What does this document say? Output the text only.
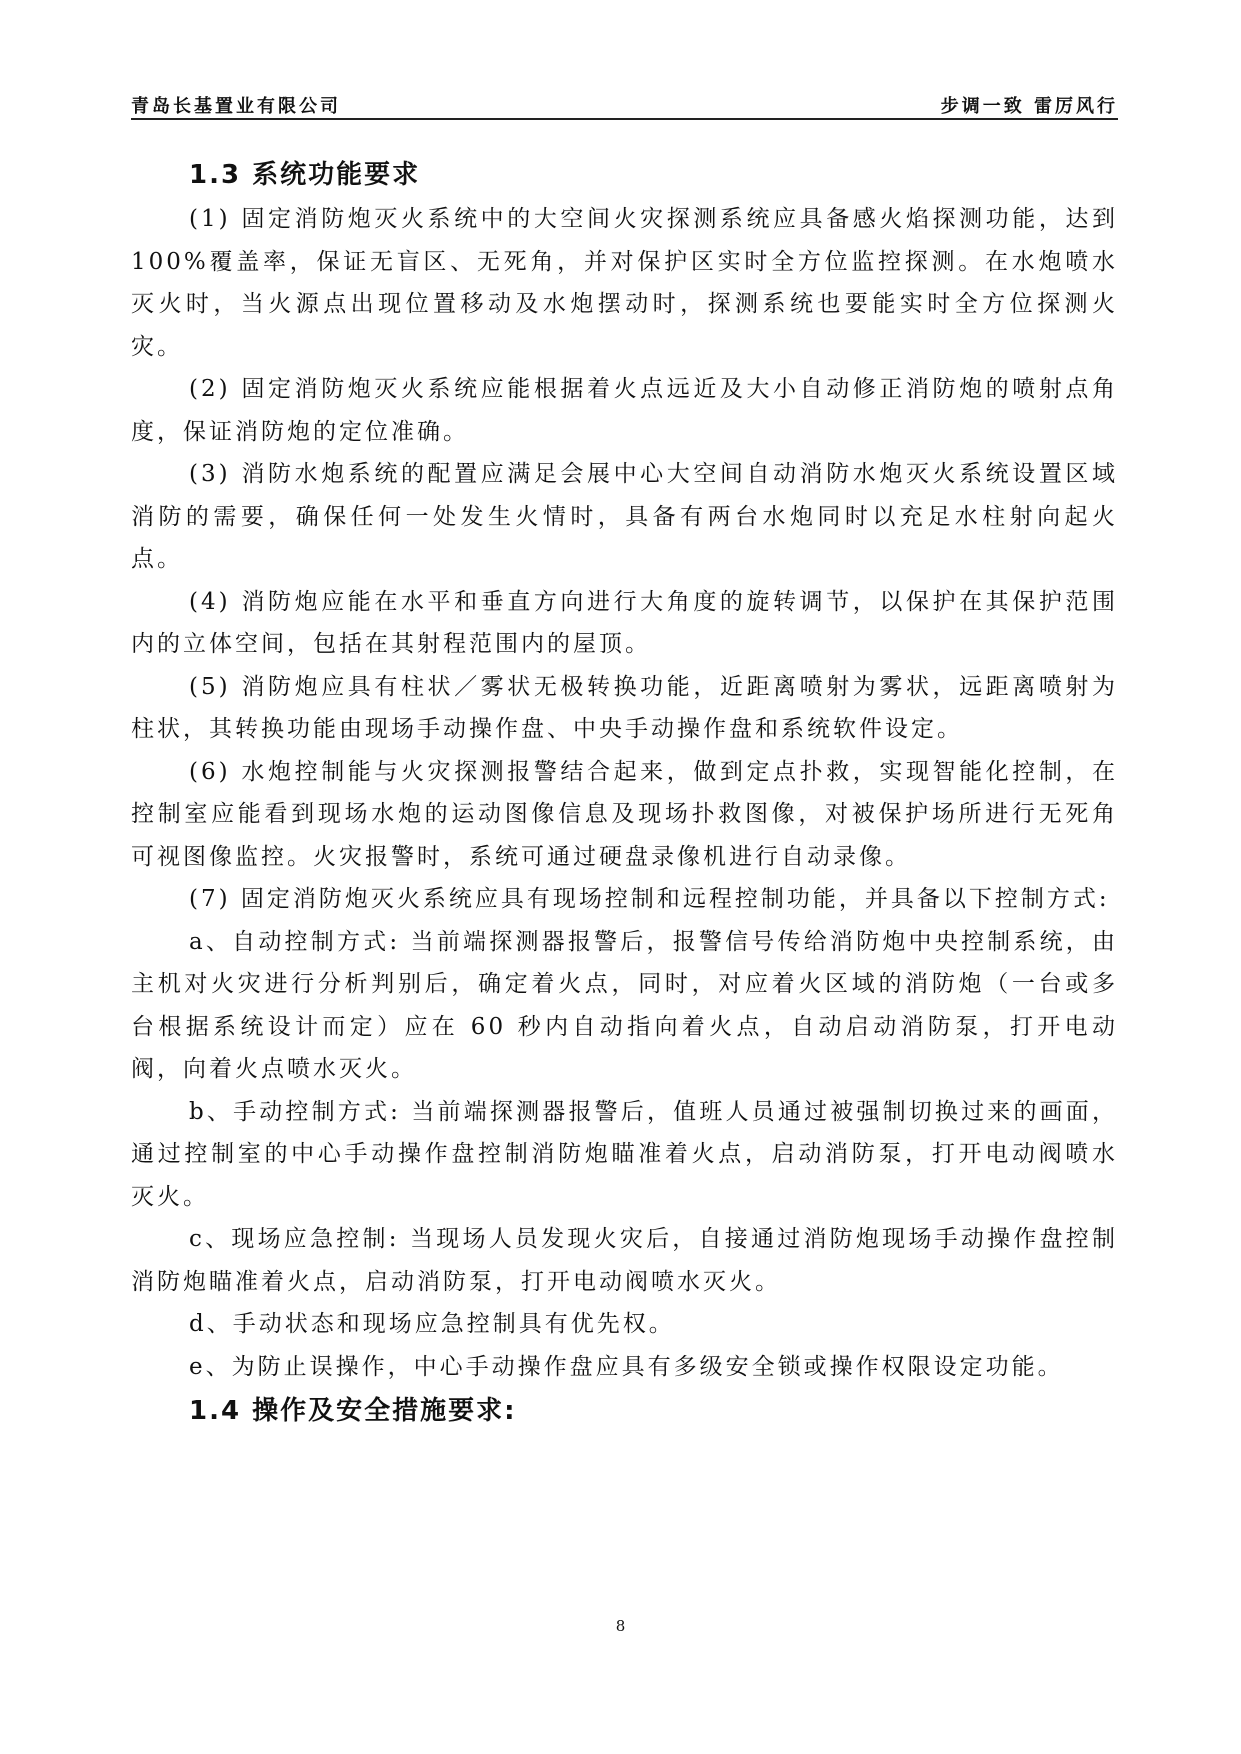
青岛长基置业有限公司	步调一致 雷厉风行
1.3 系统功能要求

(1) 固定消防炮灭火系统中的大空间火灾探测系统应具备感火焰探测功能，达到 100%覆盖率，保证无盲区、无死角，并对保护区实时全方位监控探测。在水炮喷水灭火时，当火源点出现位置移动及水炮摆动时，探测系统也要能实时全方位探测火灾。

(2) 固定消防炮灭火系统应能根据着火点远近及大小自动修正消防炮的喷射点角度，保证消防炮的定位准确。

(3) 消防水炮系统的配置应满足会展中心大空间自动消防水炮灭火系统设置区域消防的需要，确保任何一处发生火情时，具备有两台水炮同时以充足水柱射向起火点。

(4) 消防炮应能在水平和垂直方向进行大角度的旋转调节，以保护在其保护范围内的立体空间，包括在其射程范围内的屋顶。

(5) 消防炮应具有柱状／雾状无极转换功能，近距离喷射为雾状，远距离喷射为柱状，其转换功能由现场手动操作盘、中央手动操作盘和系统软件设定。

(6) 水炮控制能与火灾探测报警结合起来，做到定点扑救，实现智能化控制，在控制室应能看到现场水炮的运动图像信息及现场扑救图像，对被保护场所进行无死角可视图像监控。火灾报警时，系统可通过硬盘录像机进行自动录像。

(7) 固定消防炮灭火系统应具有现场控制和远程控制功能，并具备以下控制方式:

a、自动控制方式: 当前端探测器报警后，报警信号传给消防炮中央控制系统，由主机对火灾进行分析判别后，确定着火点，同时，对应着火区域的消防炮（一台或多台根据系统设计而定）应在 60 秒内自动指向着火点，自动启动消防泵，打开电动阀，向着火点喷水灭火。

b、手动控制方式: 当前端探测器报警后，值班人员通过被强制切换过来的画面，通过控制室的中心手动操作盘控制消防炮瞄准着火点，启动消防泵，打开电动阀喷水灭火。

c、现场应急控制: 当现场人员发现火灾后，自接通过消防炮现场手动操作盘控制消防炮瞄准着火点，启动消防泵，打开电动阀喷水灭火。

d、手动状态和现场应急控制具有优先权。

e、为防止误操作，中心手动操作盘应具有多级安全锁或操作权限设定功能。

1.4 操作及安全措施要求:
8
